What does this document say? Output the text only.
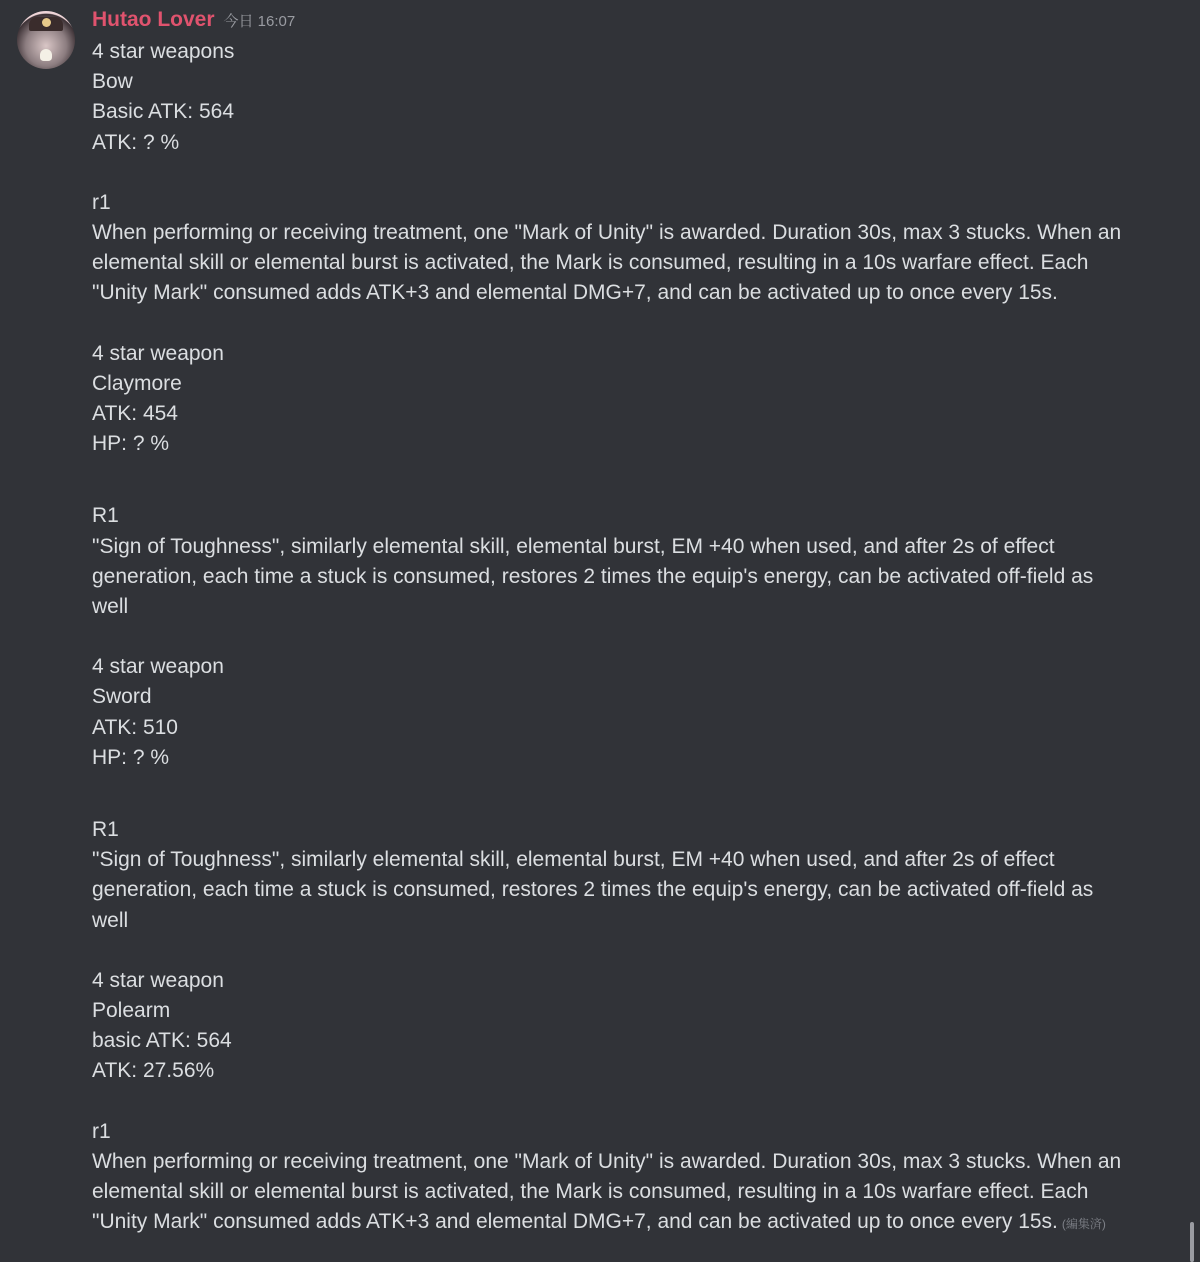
Hutao Lover 今日 16:07
4 star weapons
Bow
Basic ATK: 564
ATK: ? %
r1
When performing or receiving treatment, one "Mark of Unity" is awarded. Duration 30s, max 3 stucks. When an
elemental skill or elemental burst is activated, the Mark is consumed, resulting in a 10s warfare effect. Each
"Unity Mark" consumed adds ATK+3 and elemental DMG+7, and can be activated up to once every 15s.
4 star weapon
Claymore
ATK: 454
HP: ? %
R1
"Sign of Toughness", similarly elemental skill, elemental burst, EM +40 when used, and after 2s of effect
generation, each time a stuck is consumed, restores 2 times the equip's energy, can be activated off-field as
well
4 star weapon
Sword
ATK: 510
HP: ? %
R1
"Sign of Toughness", similarly elemental skill, elemental burst, EM +40 when used, and after 2s of effect
generation, each time a stuck is consumed, restores 2 times the equip's energy, can be activated off-field as
well
4 star weapon
Polearm
basic ATK: 564
ATK: 27.56%
r1
When performing or receiving treatment, one "Mark of Unity" is awarded. Duration 30s, max 3 stucks. When an
elemental skill or elemental burst is activated, the Mark is consumed, resulting in a 10s warfare effect. Each
"Unity Mark" consumed adds ATK+3 and elemental DMG+7, and can be activated up to once every 15s. (編集済)
